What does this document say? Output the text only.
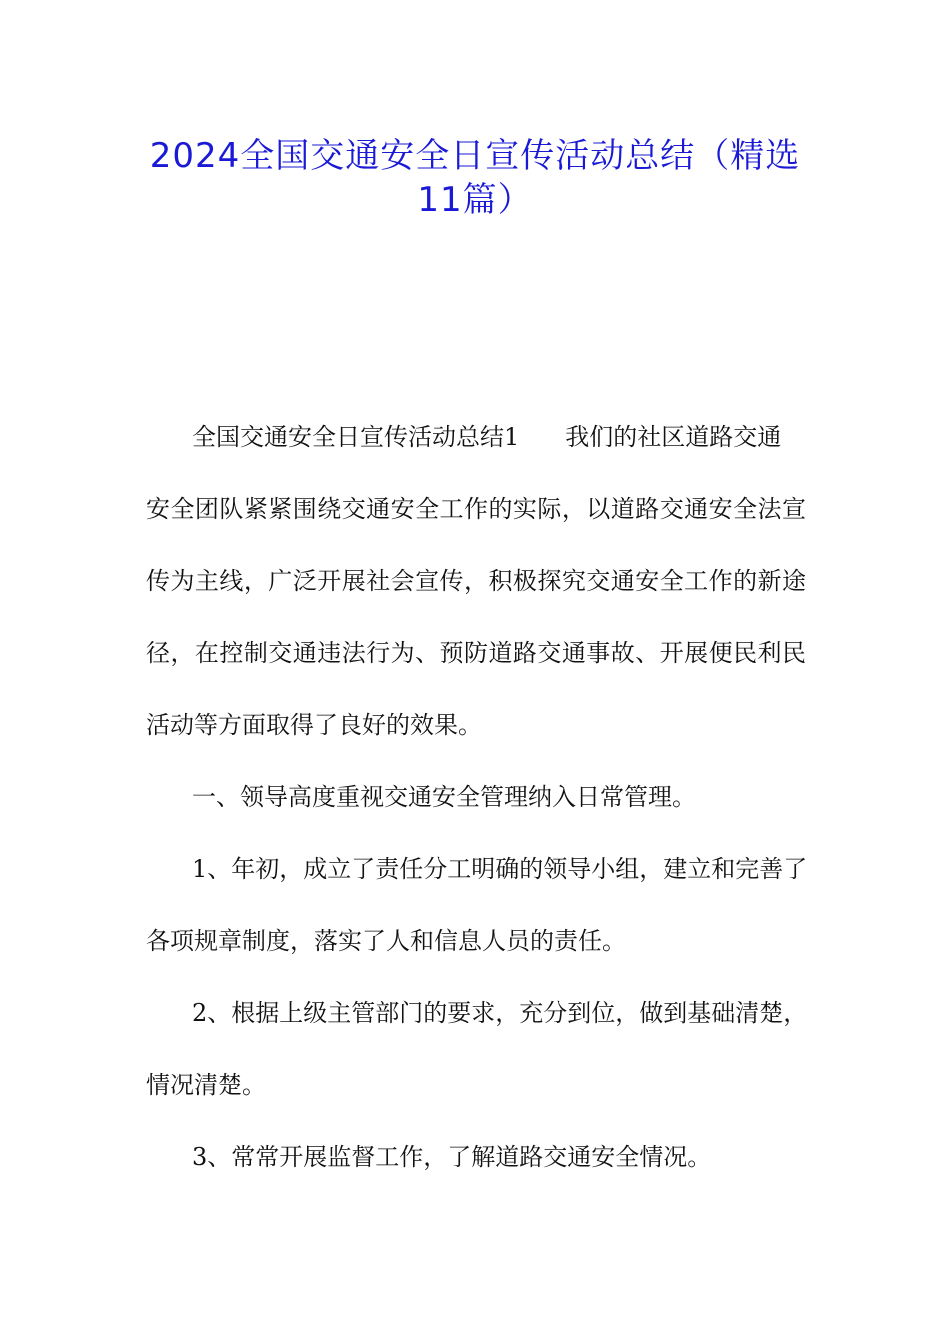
2024全国交通安全日宣传活动总结（精选
11篇）
全国交通安全日宣传活动总结1 我们的社区道路交通
安全团队紧紧围绕交通安全工作的实际，以道路交通安全法宣
传为主线，广泛开展社会宣传，积极探究交通安全工作的新途
径，在控制交通违法行为、预防道路交通事故、开展便民利民
活动等方面取得了良好的效果。
一、领导高度重视交通安全管理纳入日常管理。
1、年初，成立了责任分工明确的领导小组，建立和完善了
各项规章制度，落实了人和信息人员的责任。
2、根据上级主管部门的要求，充分到位，做到基础清楚，
情况清楚。
3、常常开展监督工作，了解道路交通安全情况。
